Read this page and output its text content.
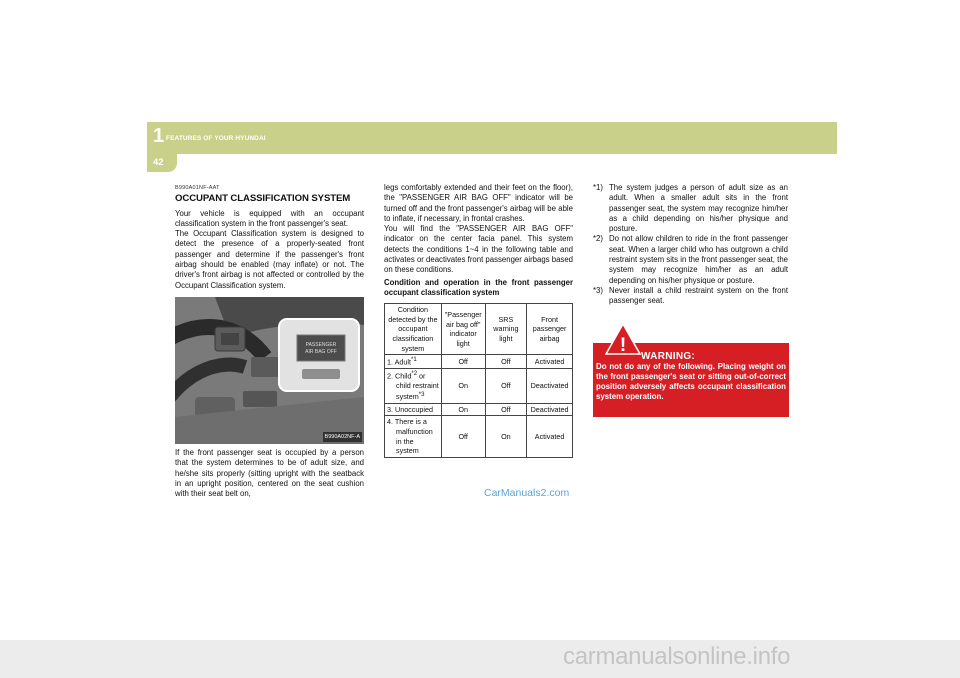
1 FEATURES OF YOUR HYUNDAI
42
B990A01NF-AAT
OCCUPANT CLASSIFICATION SYSTEM

Your vehicle is equipped with an occupant classification system in the front passenger's seat.

The Occupant Classification system is designed to detect the presence of a properly-seated front passenger and determine if the passenger's front airbag should be enabled (may inflate) or not. The driver's front airbag is not affected or controlled by the Occupant Classification system.

PASSENGER
AIR BAG OFF
B990A02NF-A

If the front passenger seat is occupied by a person that the system determines to be of adult size, and he/she sits properly (sitting upright with the seatback in an upright position, centered on the seat cushion with their seat belt on,

legs comfortably extended and their feet on the floor), the "PASSENGER AIR BAG OFF" indicator will be turned off and the front passenger's airbag will be able to inflate, if necessary, in frontal crashes.

You will find the "PASSENGER AIR BAG OFF" indicator on the center facia panel. This system detects the conditions 1~4 in the following table and activates or deactivates front passenger airbags based on these conditions.

Condition and operation in the front passenger occupant classification system

Condition detected by the occupant classification system	"Passenger air bag off" indicator light	SRS warning light	Front passenger airbag
1. Adult$^{*1}$	Off	Off	Activated
2. Child$^{*2}$ or
child restraint
system$^{*3}$	On	Off	Deactivated
3. Unoccupied	On	Off	Deactivated
4. There is a
malfunction
in the
system	Off	On	Activated
*1) The system judges a person of adult size as an adult. When a smaller adult sits in the front passenger seat, the system may recognize him/her as a child depending on his/her physique and posture.
*2) Do not allow children to ride in the front passenger seat. When a larger child who has outgrown a child restraint system sits in the front passenger seat, the system may recognize him/her as an adult depending on his/her physique or posture.
*3) Never install a child restraint system on the front passenger seat.
!
WARNING:
Do not do any of the following. Placing weight on the front passenger's seat or sitting out-of-correct position adversely affects occupant classification system operation.
CarManuals2.com
carmanualsonline.info
